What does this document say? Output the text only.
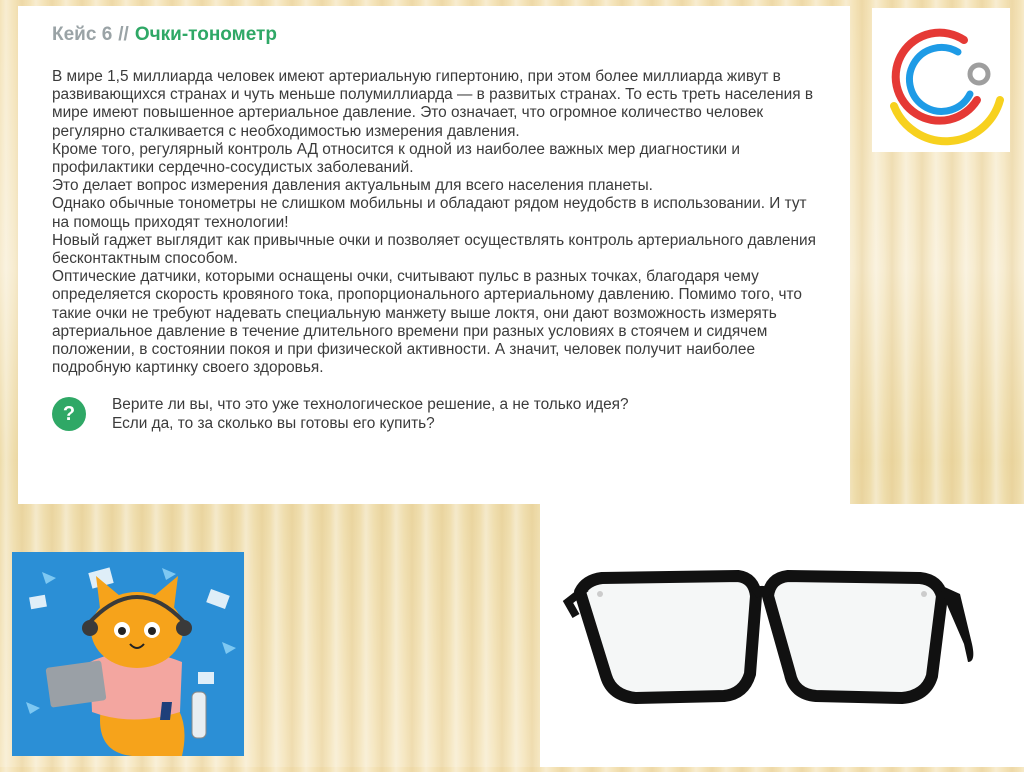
Кейс 6 // Очки-тонометр

В мире 1,5 миллиарда человек имеют артериальную гипертонию, при этом более миллиарда живут в развивающихся странах и чуть меньше полумиллиарда — в развитых странах. То есть треть населения в мире имеют повышенное артериальное давление. Это означает, что огромное количество человек регулярно сталкивается с необходимостью измерения давления.

Кроме того, регулярный контроль АД относится к одной из наиболее важных мер диагностики и профилактики сердечно-сосудистых заболеваний.

Это делает вопрос измерения давления актуальным для всего населения планеты.

Однако обычные тонометры не слишком мобильны и обладают рядом неудобств в использовании. И тут на помощь приходят технологии!

Новый гаджет выглядит как привычные очки и позволяет осуществлять контроль артериального давления бесконтактным способом.

Оптические датчики, которыми оснащены очки, считывают пульс в разных точках, благодаря чему определяется скорость кровяного тока, пропорционального артериальному давлению. Помимо того, что такие очки не требуют надевать специальную манжету выше локтя, они дают возможность измерять артериальное давление в течение длительного времени при разных условиях в стоячем и сидячем положении, в состоянии покоя и при физической активности. А значит, человек получит наиболее подробную картинку своего здоровья.

?	Верите ли вы, что это уже технологическое решение, а не только идея?

Если да, то за сколько вы готовы его купить?
